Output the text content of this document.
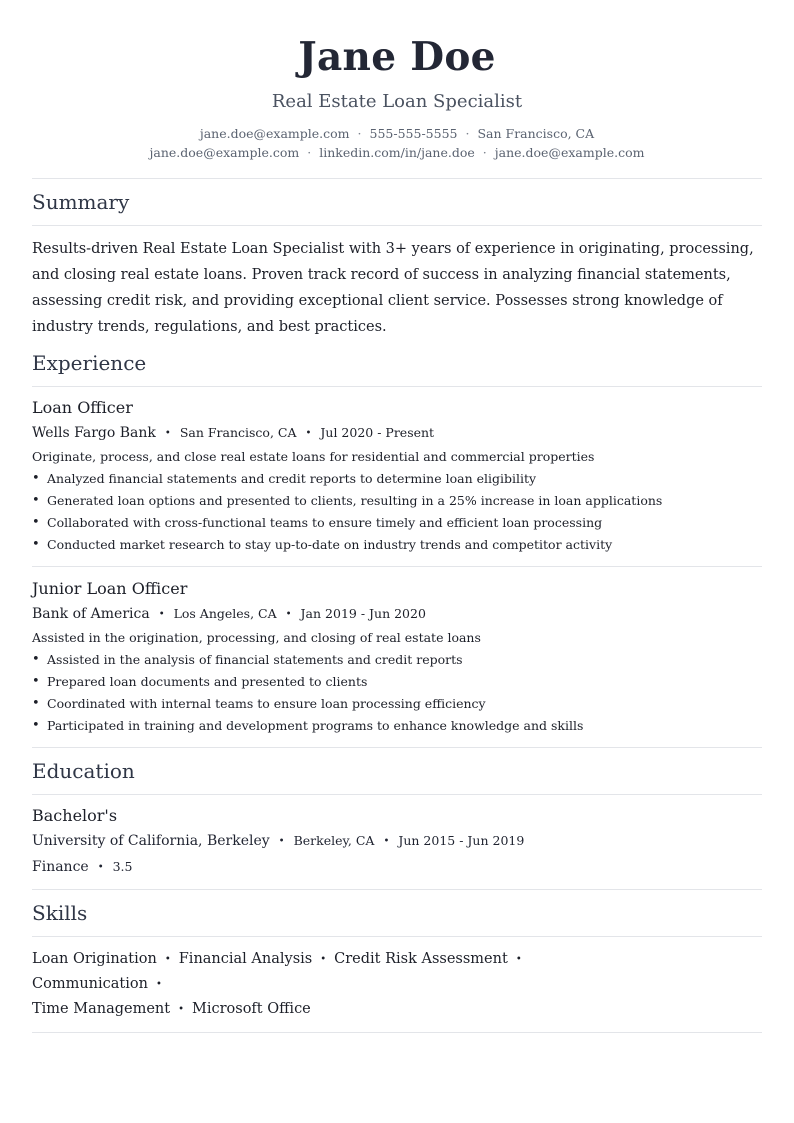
Jane Doe
Real Estate Loan Specialist
jane.doe@example.com · 555-555-5555 · San Francisco, CA
jane.doe@example.com · linkedin.com/in/jane.doe · jane.doe@example.com
Summary

Results-driven Real Estate Loan Specialist with 3+ years of experience in originating, processing, and closing real estate loans. Proven track record of success in analyzing financial statements, assessing credit risk, and providing exceptional client service. Possesses strong knowledge of industry trends, regulations, and best practices.

Experience
Loan Officer
Wells Fargo Bank • San Francisco, CA • Jul 2020 - Present
Originate, process, and close real estate loans for residential and commercial properties
• Analyzed financial statements and credit reports to determine loan eligibility
• Generated loan options and presented to clients, resulting in a 25% increase in loan applications
• Collaborated with cross-functional teams to ensure timely and efficient loan processing
• Conducted market research to stay up-to-date on industry trends and competitor activity
Junior Loan Officer
Bank of America • Los Angeles, CA • Jan 2019 - Jun 2020
Assisted in the origination, processing, and closing of real estate loans
• Assisted in the analysis of financial statements and credit reports
• Prepared loan documents and presented to clients
• Coordinated with internal teams to ensure loan processing efficiency
• Participated in training and development programs to enhance knowledge and skills
Education
Bachelor's
University of California, Berkeley • Berkeley, CA • Jun 2015 - Jun 2019
Finance • 3.5
Skills
Loan Origination • Financial Analysis • Credit Risk Assessment •Communication •
Time Management • Microsoft Office
